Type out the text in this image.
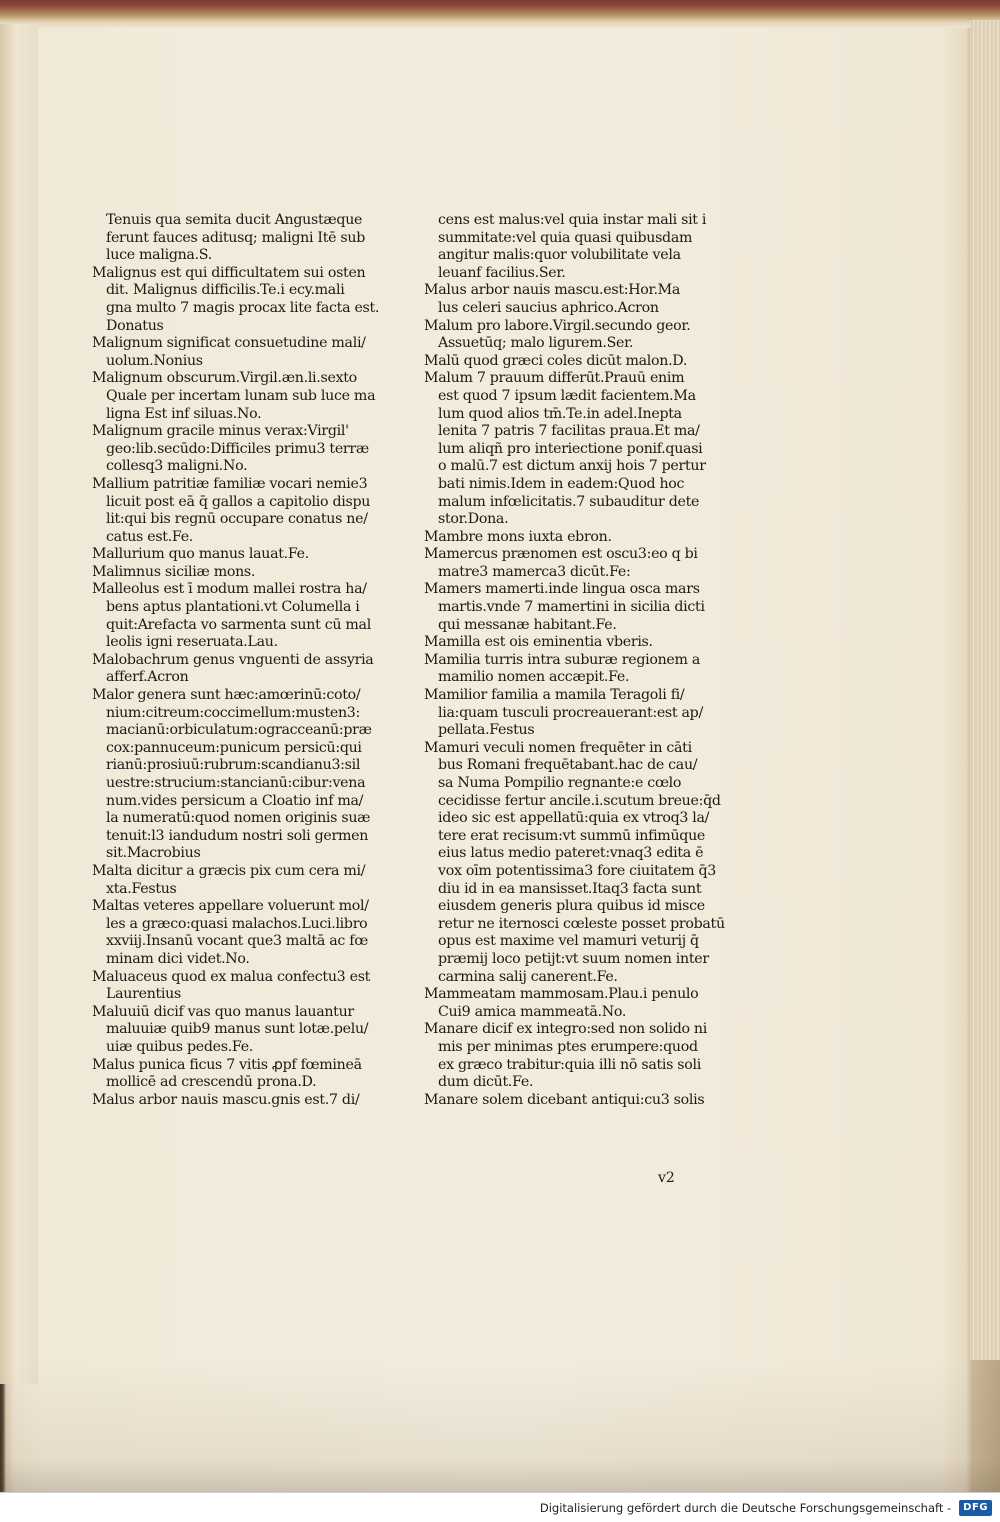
Tenuis qua semita ducit Angustæque
ferunt fauces aditusq; maligni Itē sub
luce maligna.S.
Malignus est qui difficultatem sui osten
dit. Malignus difficilis.Te.i ecy.mali
gna multo 7 magis procax lite facta est.
Donatus
Malignum significat consuetudine mali/
uolum.Nonius
Malignum obscurum.Virgil.æn.li.sexto
Quale per incertam lunam sub luce ma
ligna Est inf siluas.No.
Malignum gracile minus verax:Virgil'
geo:lib.secūdo:Difficiles primu3 terræ
collesq3 maligni.No.
Mallium patritiæ familiæ vocari nemie3
licuit post eā q̄ gallos a capitolio dispu
lit:qui bis regnū occupare conatus ne/
catus est.Fe.
Mallurium quo manus lauat.Fe.
Malimnus siciliæ mons.
Malleolus est ī modum mallei rostra ha/
bens aptus plantationi.vt Columella i
quit:Arefacta vo sarmenta sunt cū mal
leolis igni reseruata.Lau.
Malobachrum genus vnguenti de assyria
afferf.Acron
Malor genera sunt hæc:amœrinū:coto/
nium:citreum:coccimellum:musten3:
macianū:orbiculatum:ogracceanū:præ
cox:pannuceum:punicum persicū:qui
rianū:prosiuū:rubrum:scandianu3:sil
uestre:strucium:stancianū:cibur:vena
num.vides persicum a Cloatio inf ma/
la numeratū:quod nomen originis suæ
tenuit:l3 iandudum nostri soli germen
sit.Macrobius
Malta dicitur a græcis pix cum cera mi/
xta.Festus
Maltas veteres appellare voluerunt mol/
les a græco:quasi malachos.Luci.libro
xxviij.Insanū vocant que3 maltā ac fœ
minam dici videt.No.
Maluaceus quod ex malua confectu3 est
Laurentius
Maluuiū dicif vas quo manus lauantur
maluuiæ quib9 manus sunt lotæ.pelu/
uiæ quibus pedes.Fe.
Malus punica ficus 7 vitis ꝓpf fœmineā
mollicē ad crescendū prona.D.
Malus arbor nauis mascu.gnis est.7 di/
cens est malus:vel quia instar mali sit i
summitate:vel quia quasi quibusdam
angitur malis:quor volubilitate vela
leuanf facilius.Ser.
Malus arbor nauis mascu.est:Hor.Ma
lus celeri saucius aphrico.Acron
Malum pro labore.Virgil.secundo geor.
Assuetūq; malo ligurem.Ser.
Malū quod græci coles dicūt malon.D.
Malum 7 prauum differūt.Prauū enim
est quod 7 ipsum lædit facientem.Ma
lum quod alios tm̄.Te.in adel.Inepta
lenita 7 patris 7 facilitas praua.Et ma/
lum aliqñ pro interiectione ponif.quasi
o malū.7 est dictum anxij hois 7 pertur
bati nimis.Idem in eadem:Quod hoc
malum infœlicitatis.7 subauditur dete
stor.Dona.
Mambre mons iuxta ebron.
Mamercus prænomen est oscu3:eo q bi
matre3 mamerca3 dicūt.Fe:
Mamers mamerti.inde lingua osca mars
martis.vnde 7 mamertini in sicilia dicti
qui messanæ habitant.Fe.
Mamilla est ois eminentia vberis.
Mamilia turris intra suburæ regionem a
mamilio nomen accæpit.Fe.
Mamilior familia a mamila Teragoli fi/
lia:quam tusculi procreauerant:est ap/
pellata.Festus
Mamuri veculi nomen frequēter in cāti
bus Romani frequētabant.hac de cau/
sa Numa Pompilio regnante:e cœlo
cecidisse fertur ancile.i.scutum breue:q̄d
ideo sic est appellatū:quia ex vtroq3 la/
tere erat recisum:vt summū infimūque
eius latus medio pateret:vnaq3 edita ē
vox oīm potentissima3 fore ciuitatem q̄3
diu id in ea mansisset.Itaq3 facta sunt
eiusdem generis plura quibus id misce
retur ne iternosci cœleste posset probatū
opus est maxime vel mamuri veturij q̄
præmij loco petijt:vt suum nomen inter
carmina salij canerent.Fe.
Mammeatam mammosam.Plau.i penulo
Cui9 amica mammeatā.No.
Manare dicif ex integro:sed non solido ni
mis per minimas ptes erumpere:quod
ex græco trabitur:quia illi nō satis soli
dum dicūt.Fe.
Manare solem dicebant antiqui:cu3 solis
v2
Digitalisierung gefördert durch die Deutsche Forschungsgemeinschaft -	DFG
